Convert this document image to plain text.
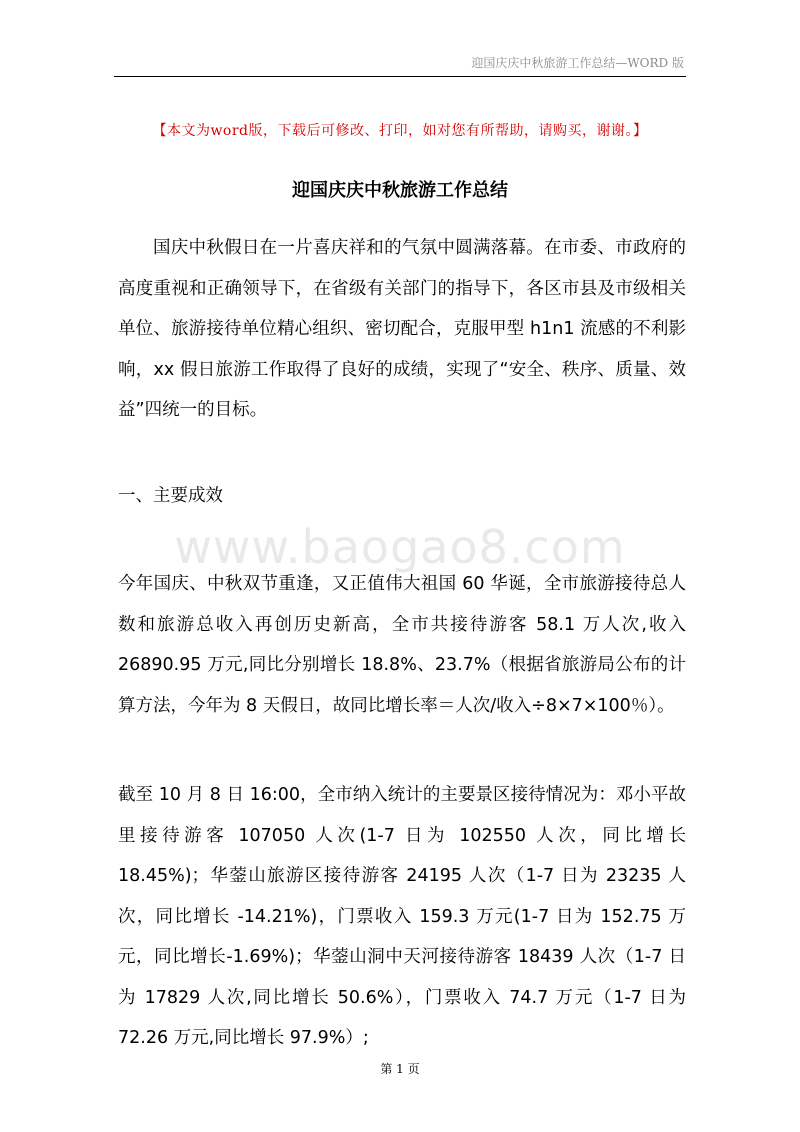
迎国庆庆中秋旅游工作总结—WORD 版
【本文为word版，下载后可修改、打印，如对您有所帮助，请购买，谢谢。】
迎国庆庆中秋旅游工作总结

国庆中秋假日在一片喜庆祥和的气氛中圆满落幕。在市委、市政府的高度重视和正确领导下，在省级有关部门的指导下，各区市县及市级相关单位、旅游接待单位精心组织、密切配合，克服甲型 h1n1 流感的不利影响，xx 假日旅游工作取得了良好的成绩，实现了“安全、秩序、质量、效益”四统一的目标。

一、主要成效
www.baogao8.com

今年国庆、中秋双节重逢，又正值伟大祖国 60 华诞，全市旅游接待总人数和旅游总收入再创历史新高，全市共接待游客 58.1 万人次,收入 26890.95 万元,同比分别增长 18.8%、23.7%（根据省旅游局公布的计算方法，今年为 8 天假日，故同比增长率＝人次/收入÷8×7×100％）。

截至 10 月 8 日 16:00，全市纳入统计的主要景区接待情况为：邓小平故里接待游客 107050 人次(1-7 日为 102550 人次，同比增长 18.45%)；华蓥山旅游区接待游客 24195 人次（1-7 日为 23235 人次，同比增长 -14.21%)，门票收入 159.3 万元(1-7 日为 152.75 万元，同比增长-1.69%)；华蓥山洞中天河接待游客 18439 人次（1-7 日为 17829 人次,同比增长 50.6%），门票收入 74.7 万元（1-7 日为 72.26 万元,同比增长 97.9%）;

第 1 页
